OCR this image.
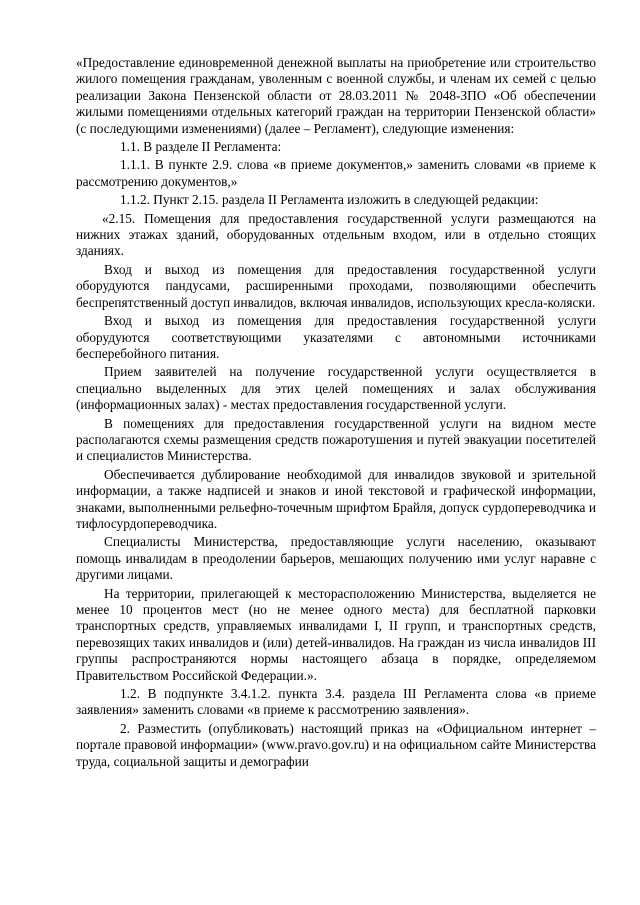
«Предоставление единовременной денежной выплаты на приобретение или строительство жилого помещения гражданам, уволенным с военной службы, и членам их семей с целью реализации Закона Пензенской области от 28.03.2011 № 2048-ЗПО «Об обеспечении жилыми помещениями отдельных категорий граждан на территории Пензенской области» (с последующими изменениями) (далее – Регламент), следующие изменения:

1.1. В разделе II Регламента:

1.1.1. В пункте 2.9. слова «в приеме документов,» заменить словами «в приеме к рассмотрению документов,»

1.1.2. Пункт 2.15. раздела II Регламента изложить в следующей редакции:

«2.15. Помещения для предоставления государственной услуги размещаются на нижних этажах зданий, оборудованных отдельным входом, или в отдельно стоящих зданиях.

Вход и выход из помещения для предоставления государственной услуги оборудуются пандусами, расширенными проходами, позволяющими обеспечить беспрепятственный доступ инвалидов, включая инвалидов, использующих кресла-коляски.

Вход и выход из помещения для предоставления государственной услуги оборудуются соответствующими указателями с автономными источниками бесперебойного питания.

Прием заявителей на получение государственной услуги осуществляется в специально выделенных для этих целей помещениях и залах обслуживания (информационных залах) - местах предоставления государственной услуги.

В помещениях для предоставления государственной услуги на видном месте располагаются схемы размещения средств пожаротушения и путей эвакуации посетителей и специалистов Министерства.

Обеспечивается дублирование необходимой для инвалидов звуковой и зрительной информации, а также надписей и знаков и иной текстовой и графической информации, знаками, выполненными рельефно-точечным шрифтом Брайля, допуск сурдопереводчика и тифлосурдопереводчика.

Специалисты Министерства, предоставляющие услуги населению, оказывают помощь инвалидам в преодолении барьеров, мешающих получению ими услуг наравне с другими лицами.

На территории, прилегающей к месторасположению Министерства, выделяется не менее 10 процентов мест (но не менее одного места) для бесплатной парковки транспортных средств, управляемых инвалидами I, II групп, и транспортных средств, перевозящих таких инвалидов и (или) детей-инвалидов. На граждан из числа инвалидов III группы распространяются нормы настоящего абзаца в порядке, определяемом Правительством Российской Федерации.».

1.2. В подпункте 3.4.1.2. пункта 3.4. раздела III Регламента слова «в приеме заявления» заменить словами «в приеме к рассмотрению заявления».

2. Разместить (опубликовать) настоящий приказ на «Официальном интернет – портале правовой информации» (www.pravo.gov.ru) и на официальном сайте Министерства труда, социальной защиты и демографии
